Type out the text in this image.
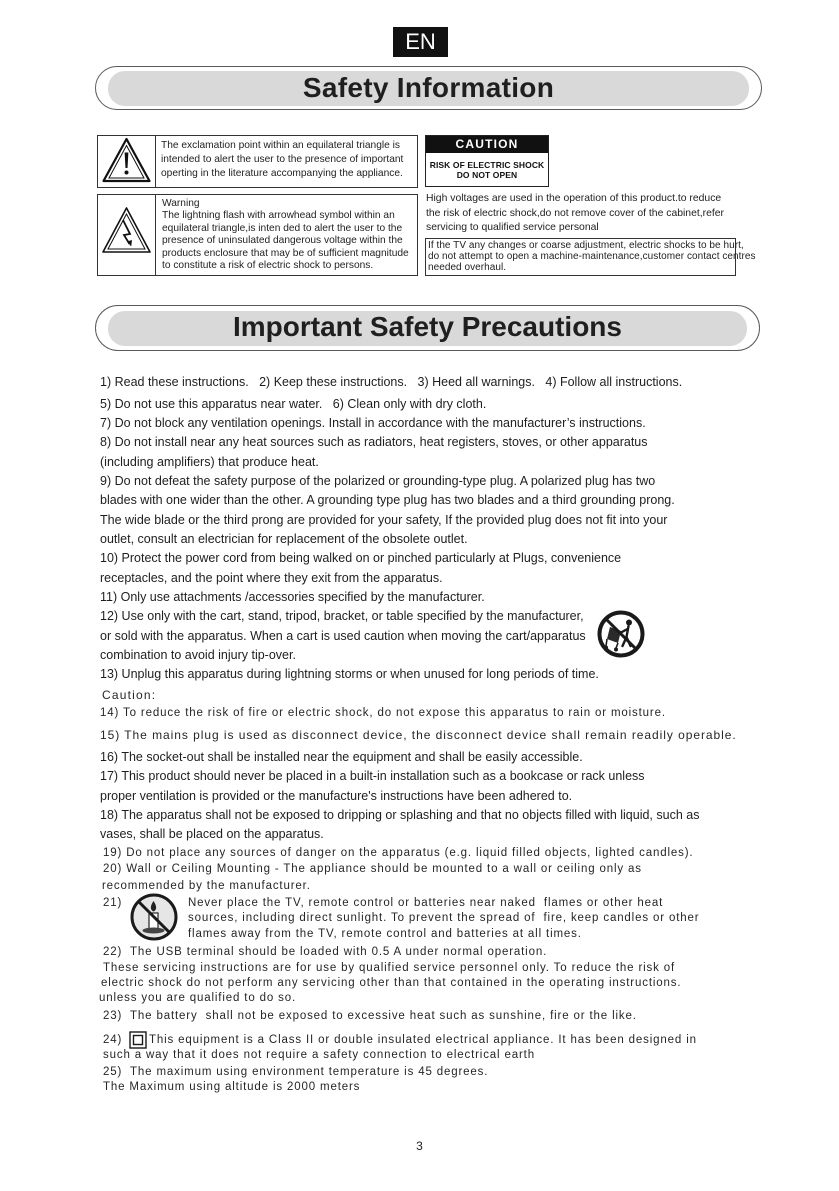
EN
Safety Information
The exclamation point within an equilateral triangle is
intended to alert the user to the presence of important
operting in the literature accompanying the appliance.
CAUTION
RISK OF ELECTRIC SHOCK
DO NOT OPEN
Warning
The lightning flash with arrowhead symbol within an
equilateral triangle,is inten ded to alert the user to the
presence of uninsulated dangerous voltage within the
products enclosure that may be of sufficient magnitude
to constitute a risk of electric shock to persons.
High voltages are used in the operation of this product.to reduce
the risk of electric shock,do not remove cover of the cabinet,refer
servicing to qualified service personal
If the TV any changes or coarse adjustment, electric shocks to be hurt,
do not attempt to open a machine-maintenance,customer contact centres
needed overhaul.
Important Safety Precautions
1) Read these instructions.   2) Keep these instructions.   3) Heed all warnings.   4) Follow all instructions.
5) Do not use this apparatus near water.   6) Clean only with dry cloth.
7) Do not block any ventilation openings. Install in accordance with the manufacturer’s instructions.
8) Do not install near any heat sources such as radiators, heat registers, stoves, or other apparatus
(including amplifiers) that produce heat.
9) Do not defeat the safety purpose of the polarized or grounding-type plug. A polarized plug has two
blades with one wider than the other. A grounding type plug has two blades and a third grounding prong.
The wide blade or the third prong are provided for your safety, If the provided plug does not fit into your
outlet, consult an electrician for replacement of the obsolete outlet.
10) Protect the power cord from being walked on or pinched particularly at Plugs, convenience
receptacles, and the point where they exit from the apparatus.
11) Only use attachments /accessories specified by the manufacturer.
12) Use only with the cart, stand, tripod, bracket, or table specified by the manufacturer,
or sold with the apparatus. When a cart is used caution when moving the cart/apparatus
combination to avoid injury tip-over.
13) Unplug this apparatus during lightning storms or when unused for long periods of time.
Caution:
14) To reduce the risk of fire or electric shock, do not expose this apparatus to rain or moisture.
15) The mains plug is used as disconnect device, the disconnect device shall remain readily operable.
16) The socket-out shall be installed near the equipment and shall be easily accessible.
17) This product should never be placed in a built-in installation such as a bookcase or rack unless
proper ventilation is provided or the manufacture's instructions have been adhered to.
18) The apparatus shall not be exposed to dripping or splashing and that no objects filled with liquid, such as
vases, shall be placed on the apparatus.
19) Do not place any sources of danger on the apparatus (e.g. liquid filled objects, lighted candles).
20) Wall or Ceiling Mounting - The appliance should be mounted to a wall or ceiling only as
recommended by the manufacturer.
21)	Never place the TV, remote control or batteries near naked  flames or other heat
sources, including direct sunlight. To prevent the spread of  fire, keep candles or other
flames away from the TV, remote control and batteries at all times.
22)  The USB terminal should be loaded with 0.5 A under normal operation.
These servicing instructions are for use by qualified service personnel only. To reduce the risk of
electric shock do not perform any servicing other than that contained in the operating instructions.
unless you are qualified to do so.
23)  The battery  shall not be exposed to excessive heat such as sunshine, fire or the like.
24) This equipment is a Class II or double insulated electrical appliance. It has been designed in
such a way that it does not require a safety connection to electrical earth
25)  The maximum using environment temperature is 45 degrees.
The Maximum using altitude is 2000 meters
3
